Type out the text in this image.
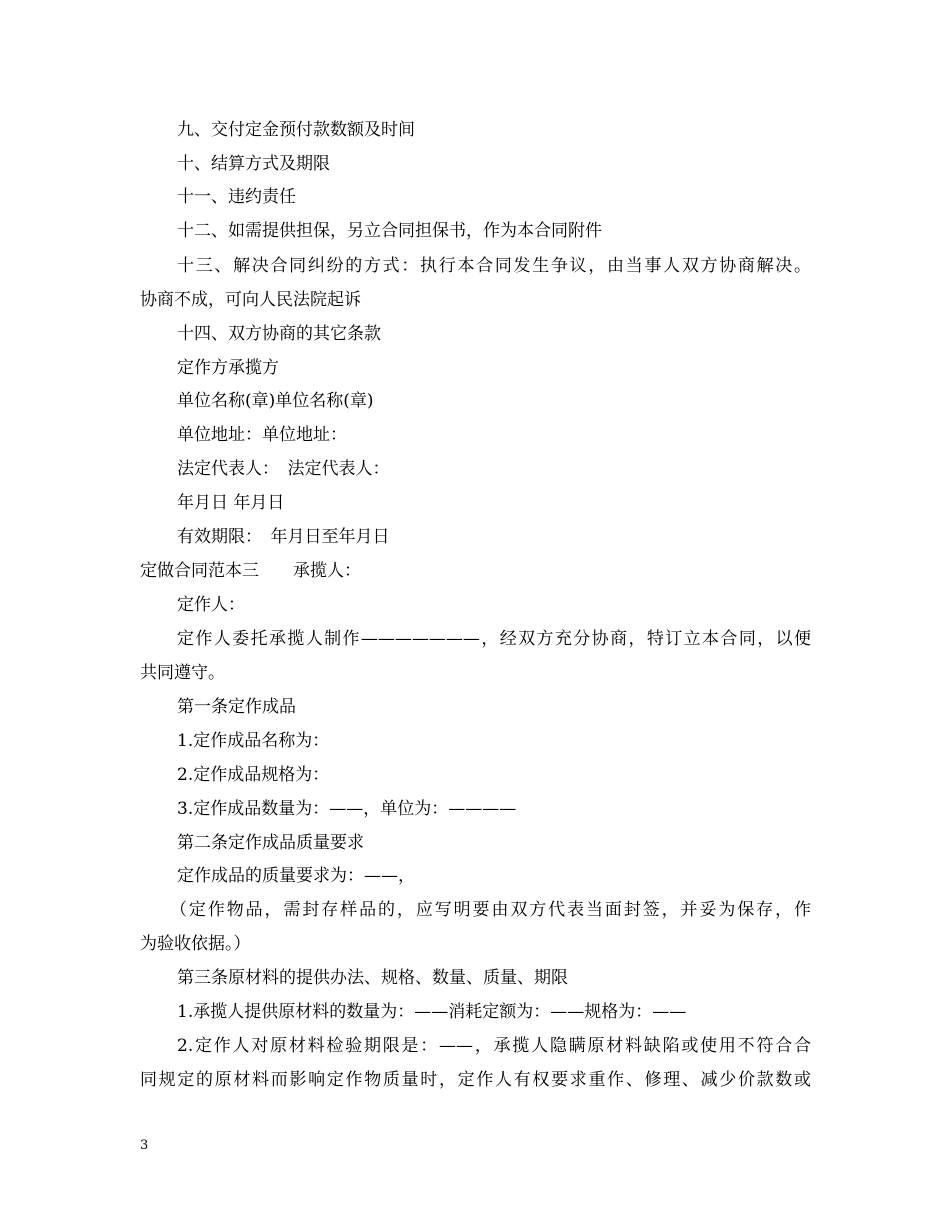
九、交付定金预付款数额及时间
十、结算方式及期限
十一、违约责任
十二、如需提供担保，另立合同担保书，作为本合同附件
十三、解决合同纠纷的方式：执行本合同发生争议，由当事人双方协商解决。
协商不成，可向人民法院起诉
十四、双方协商的其它条款
定作方承揽方
单位名称(章)单位名称(章)
单位地址：单位地址：
法定代表人：　法定代表人：
年月日 年月日
有效期限：　年月日至年月日
定做合同范本三　　承揽人：
定作人：
定作人委托承揽人制作———————，经双方充分协商，特订立本合同，以便
共同遵守。
第一条定作成品
1.定作成品名称为：
2.定作成品规格为：
3.定作成品数量为：——，单位为：————
第二条定作成品质量要求
定作成品的质量要求为：——，
（定作物品，需封存样品的，应写明要由双方代表当面封签，并妥为保存，作
为验收依据。）
第三条原材料的提供办法、规格、数量、质量、期限
1.承揽人提供原材料的数量为：——消耗定额为：——规格为：——
2.定作人对原材料检验期限是：——，承揽人隐瞒原材料缺陷或使用不符合合
同规定的原材料而影响定作物质量时，定作人有权要求重作、修理、减少价款数或
3
